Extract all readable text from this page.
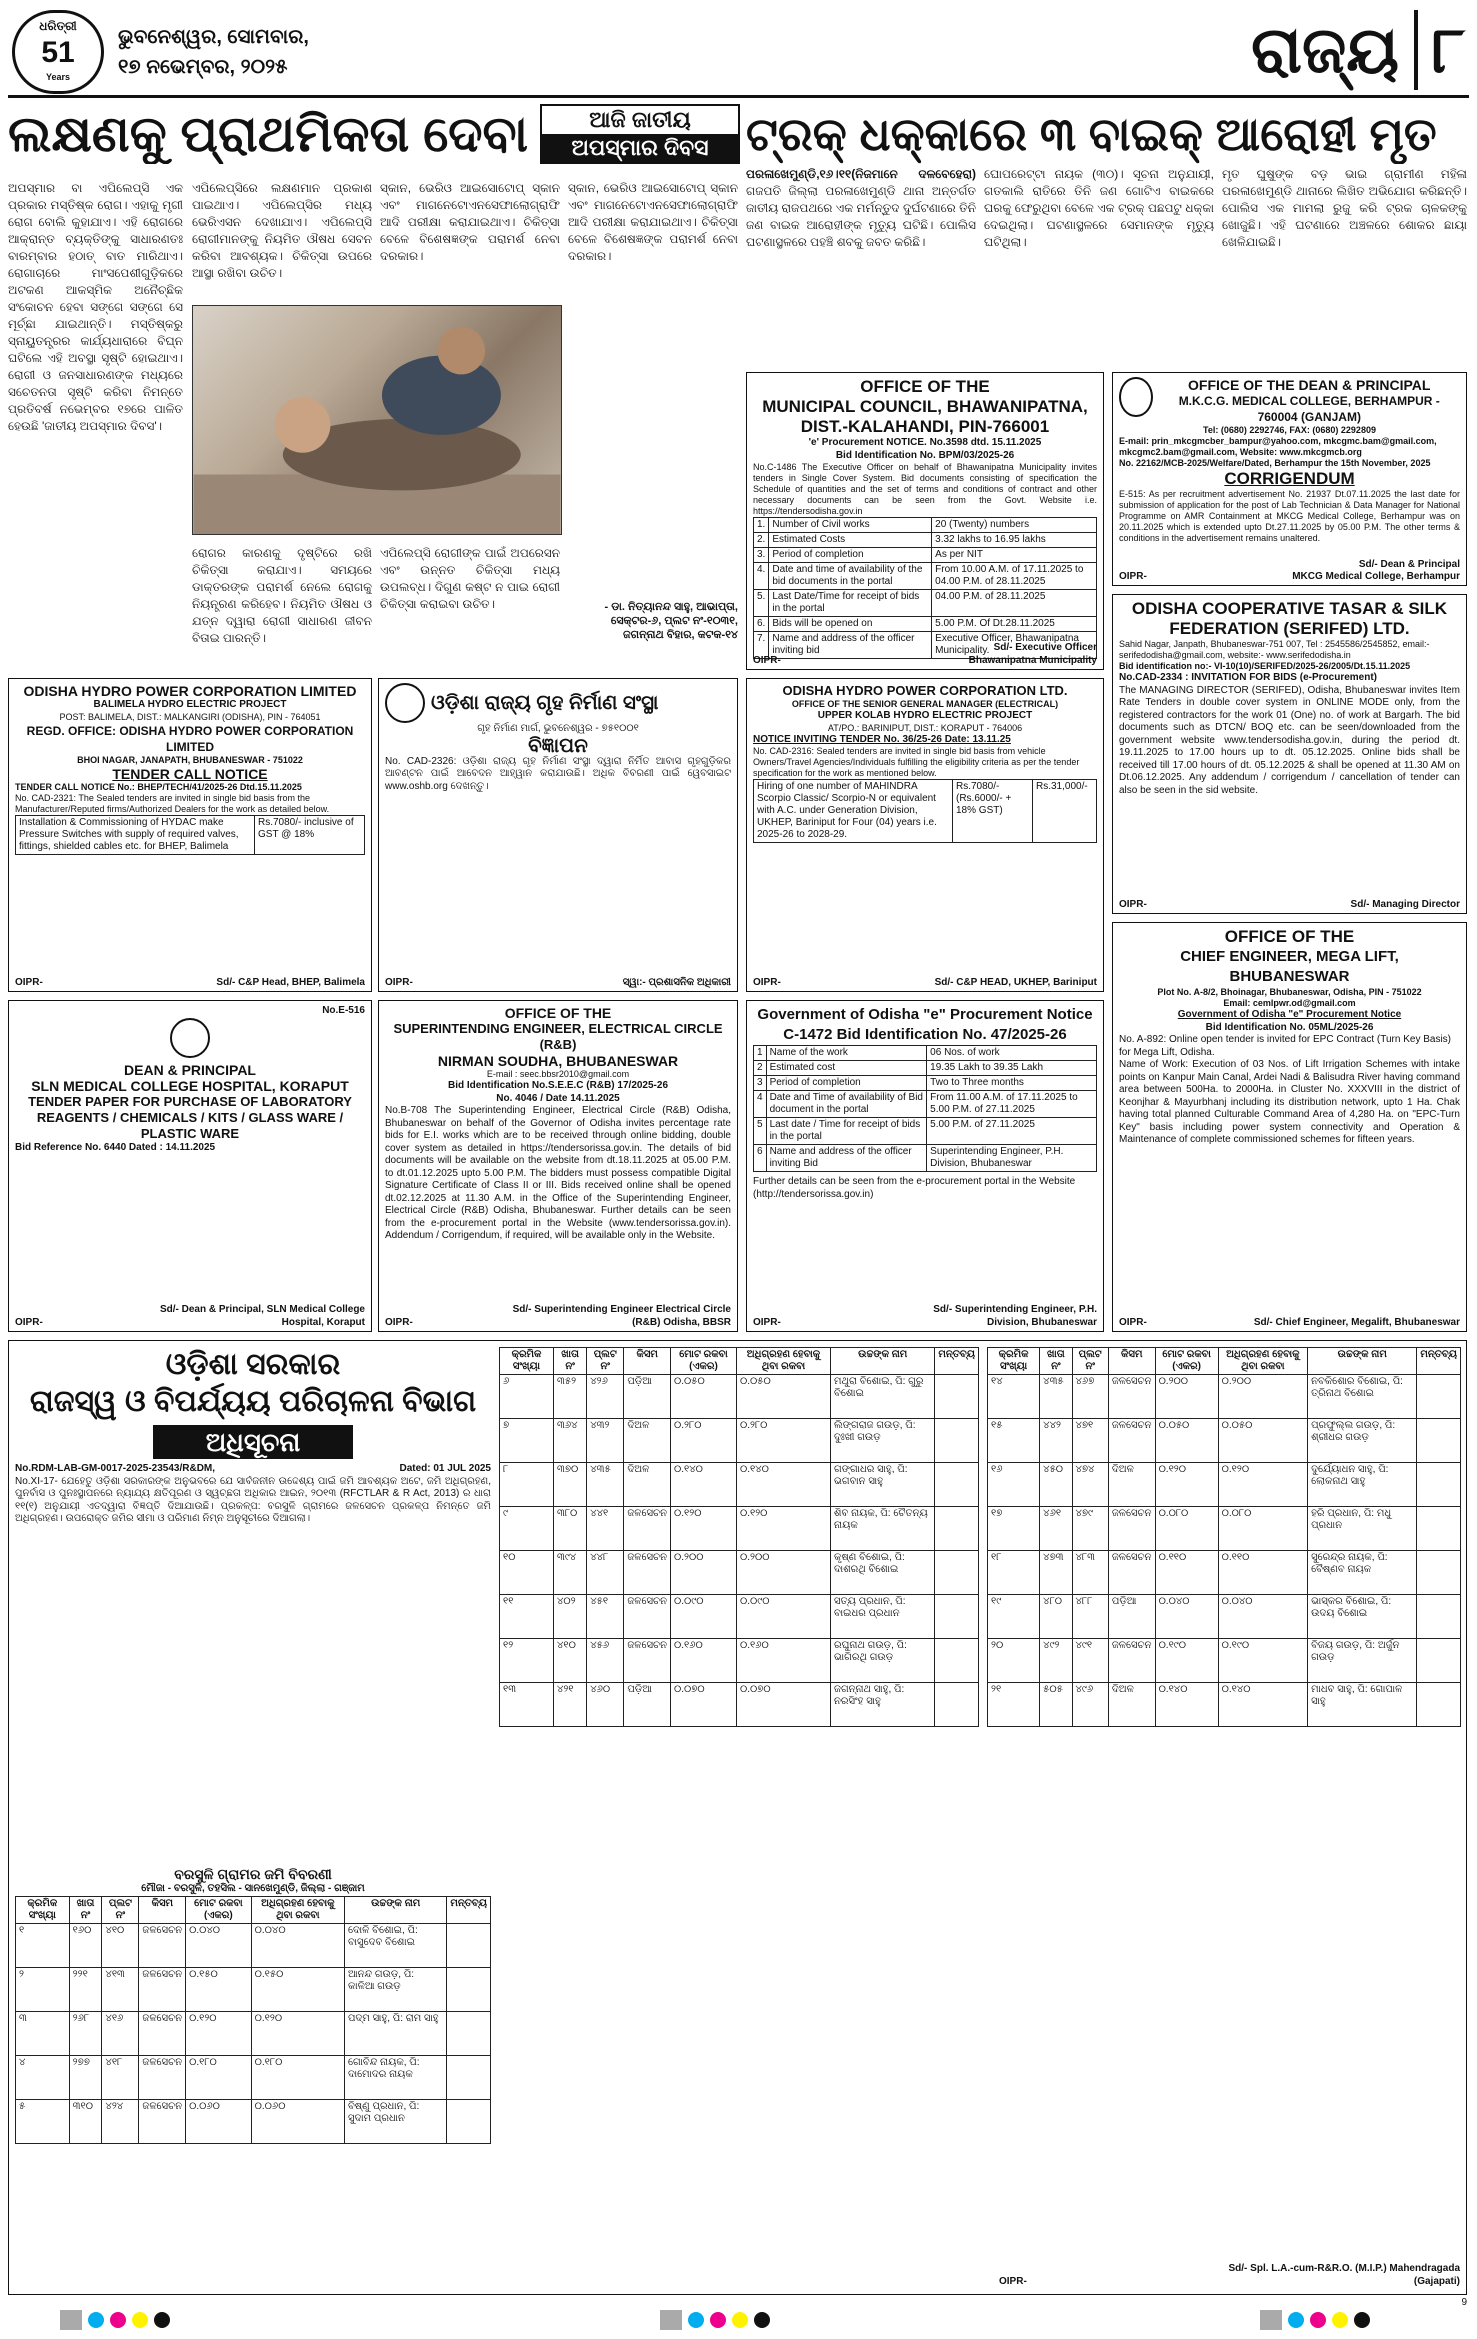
ଧରିତ୍ରୀ
51
Years
ଭୁବନେଶ୍ୱର, ସୋମବାର,
୧୭ ନଭେମ୍ବର, ୨୦୨୫	ରାଜ୍ୟ ୮
ଲକ୍ଷଣକୁ ପ୍ରାଥମିକତା ଦେବା	ଆଜି ଜାତୀୟ
ଅପସ୍ମାର ଦିବସ
ଅପସ୍ମାର ବା ଏପିଲେପ୍ସି ଏକ ପ୍ରକାର ମସ୍ତିଷ୍କ ରୋଗ। ଏହାକୁ ମୃଗୀ ରୋଗ ବୋଲି କୁହାଯାଏ। ଏହି ରୋଗରେ ଆକ୍ରାନ୍ତ ବ୍ୟକ୍ତିଙ୍କୁ ସାଧାରଣତଃ ବାରମ୍ବାର ହଠାତ୍ ବାତ ମାରିଥାଏ। ରୋଗାଚାରେ ମାଂସପେଶୀଗୁଡ଼ିକରେ ଅଟକଣ ଆକସ୍ମିକ ଅନୈଚ୍ଛିକ ସଂକୋଚନ ହେବା ସଙ୍ଗେ ସଙ୍ଗେ ସେ ମୂର୍ଚ୍ଛା ଯାଇଥାନ୍ତି। ମସ୍ତିଷ୍କରୁ ସ୍ନାୟୁତନ୍ତ୍ରର କାର୍ଯ୍ୟଧାରାରେ ବିଘ୍ନ ଘଟିଲେ ଏହି ଅବସ୍ଥା ସୃଷ୍ଟି ହୋଇଥାଏ। ରୋଗୀ ଓ ଜନସାଧାରଣଙ୍କ ମଧ୍ୟରେ ସଚେତନତା ସୃଷ୍ଟି କରିବା ନିମନ୍ତେ ପ୍ରତିବର୍ଷ ନଭେମ୍ବର ୧୭ରେ ପାଳିତ ହେଉଛି 'ଜାତୀୟ ଅପସ୍ମାର ଦିବସ'।
ଏପିଲେପ୍ସିରେ ଲକ୍ଷଣମାନ ପ୍ରକାଶ ପାଇଥାଏ। ଏପିଲେପ୍ସିର ମଧ୍ୟ ଭେରିଏସନ ଦେଖାଯାଏ। ଏପିଲେପ୍ସି ରୋଗୀମାନଙ୍କୁ ନିୟମିତ ଔଷଧ ସେବନ କରିବା ଆବଶ୍ୟକ। ଚିକିତ୍ସା ଉପରେ ଆସ୍ଥା ରଖିବା ଉଚିତ।
ସ୍କାନ, ଭେରିଓ ଆଇସୋଟୋପ୍ ସ୍କାନ ଏବଂ ମାଗନେଟୋଏନସେଫାଲୋଗ୍ରାଫି ଆଦି ପରୀକ୍ଷା କରାଯାଇଥାଏ। ଚିକିତ୍ସା ବେଳେ ବିଶେଷଜ୍ଞଙ୍କ ପରାମର୍ଶ ନେବା ଦରକାର।
ରୋଗର କାରଣକୁ ଦୃଷ୍ଟିରେ ରଖି ଚିକିତ୍ସା କରାଯାଏ। ସମୟରେ ଡାକ୍ତରଙ୍କ ପରାମର୍ଶ ନେଲେ ରୋଗକୁ ନିୟନ୍ତ୍ରଣ କରିହେବ। ନିୟମିତ ଔଷଧ ଓ ଯତ୍ନ ଦ୍ୱାରା ରୋଗୀ ସାଧାରଣ ଜୀବନ ବିତାଇ ପାରନ୍ତି।
ଏପିଲେପ୍ସି ରୋଗୀଙ୍କ ପାଇଁ ଅପରେସନ ଏବଂ ଉନ୍ନତ ଚିକିତ୍ସା ମଧ୍ୟ ଉପଲବ୍ଧ। ଦିଗୁଣ କଷ୍ଟ ନ ପାଇ ରୋଗୀ ଚିକିତ୍ସା କରାଇବା ଉଚିତ।
ସ୍କାନ, ଭେରିଓ ଆଇସୋଟୋପ୍ ସ୍କାନ ଏବଂ ମାଗନେଟୋଏନସେଫାଲୋଗ୍ରାଫି ଆଦି ପରୀକ୍ଷା କରାଯାଇଥାଏ। ଚିକିତ୍ସା ବେଳେ ବିଶେଷଜ୍ଞଙ୍କ ପରାମର୍ଶ ନେବା ଦରକାର।
- ଡା. ନିତ୍ୟାନନ୍ଦ ସାହୁ, ଆଭାପ୍ତା, ସେକ୍ଟର-୬, ପ୍ଲଟ ନଂ-୧୦୩୧, ଜଗନ୍ନାଥ ବିହାର, କଟକ-୧୪
ଟ୍ରକ୍ ଧକ୍କାରେ ୩ ବାଇକ୍ ଆରୋହୀ ମୃତ
ପରଳାଖେମୁଣ୍ଡି,୧୬।୧୧(ନିଜମାନେ ଦଳବେହେରା) ଗଜପତି ଜିଲ୍ଲା ପରଳାଖେମୁଣ୍ଡି ଥାନା ଅନ୍ତର୍ଗତ ଜାତୀୟ ରାଜପଥରେ ଏକ ମର୍ମନ୍ତୁଦ ଦୁର୍ଘଟଣାରେ ତିନି ଜଣ ବାଇକ ଆରୋହୀଙ୍କ ମୃତ୍ୟୁ ଘଟିଛି। ପୋଲିସ ଘଟଣାସ୍ଥଳରେ ପହଞ୍ଚି ଶବକୁ ଜବତ କରିଛି।
ଘୋପରେଟ୍ଟା ନାୟକ (୩୦)। ସୂଚନା ଅନୁଯାୟୀ, ଗତକାଲି ରାତିରେ ତିନି ଜଣ ଗୋଟିଏ ବାଇକରେ ଘରକୁ ଫେରୁଥିବା ବେଳେ ଏକ ଟ୍ରକ୍ ପଛପଟୁ ଧକ୍କା ଦେଇଥିଲା। ଘଟଣାସ୍ଥଳରେ ସେମାନଙ୍କ ମୃତ୍ୟୁ ଘଟିଥିଲା।
ମୃତ ଘୁଷୁଙ୍କ ବଡ଼ ଭାଇ ଗ୍ରାମୀଣ ମହିଳା ପରଳାଖେମୁଣ୍ଡି ଥାନାରେ ଲିଖିତ ଅଭିଯୋଗ କରିଛନ୍ତି। ପୋଲିସ ଏକ ମାମଲା ରୁଜୁ କରି ଟ୍ରକ ଚାଳକଙ୍କୁ ଖୋଜୁଛି। ଏହି ଘଟଣାରେ ଅଞ୍ଚଳରେ ଶୋକର ଛାୟା ଖେଳିଯାଇଛି।
OFFICE OF THE
MUNICIPAL COUNCIL, BHAWANIPATNA,
DIST.-KALAHANDI, PIN-766001
'e' Procurement NOTICE. No.3598 dtd. 15.11.2025
Bid Identification No. BPM/03/2025-26
No.C-1486 The Executive Officer on behalf of Bhawanipatna Municipality invites tenders in Single Cover System. Bid documents consisting of specification the Schedule of quantities and the set of terms and conditions of contract and other necessary documents can be seen from the Govt. Website i.e. https://tendersodisha.gov.in
1.	Number of Civil works	20 (Twenty) numbers
2.	Estimated Costs	3.32 lakhs to 16.95 lakhs
3.	Period of completion	As per NIT
4.	Date and time of availability of the bid documents in the portal	From 10.00 A.M. of 17.11.2025 to 04.00 P.M. of 28.11.2025
5.	Last Date/Time for receipt of bids in the portal	04.00 P.M. of 28.11.2025
6.	Bids will be opened on	5.00 P.M. Of Dt.28.11.2025
7.	Name and address of the officer inviting bid	Executive Officer, Bhawanipatna Municipality.
OIPR-
Sd/- Executive Officer Bhawanipatna Municipality
OFFICE OF THE DEAN & PRINCIPAL
M.K.C.G. MEDICAL COLLEGE, BERHAMPUR - 760004 (GANJAM)
Tel: (0680) 2292746, FAX: (0680) 2292809
E-mail: prin_mkcgmcber_bampur@yahoo.com, mkcgmc.bam@gmail.com, mkcgmc2.bam@gmail.com, Website: www.mkcgmcb.org
No. 22162/MCB-2025/Welfare/Dated, Berhampur the 15th November, 2025
CORRIGENDUM
E-515: As per recruitment advertisement No. 21937 Dt.07.11.2025 the last date for submission of application for the post of Lab Technician & Data Manager for National Programme on AMR Containment at MKCG Medical College, Berhampur was on 20.11.2025 which is extended upto Dt.27.11.2025 by 05.00 P.M. The other terms & conditions in the advertisement remains unaltered.
Sd/- Dean & Principal
MKCG Medical College, Berhampur
OIPR-
ODISHA HYDRO POWER CORPORATION LIMITED
BALIMELA HYDRO ELECTRIC PROJECT
POST: BALIMELA, DIST.: MALKANGIRI (ODISHA), PIN - 764051
REGD. OFFICE: ODISHA HYDRO POWER CORPORATION LIMITED
BHOI NAGAR, JANAPATH, BHUBANESWAR - 751022
TENDER CALL NOTICE
TENDER CALL NOTICE No.: BHEP/TECH/41/2025-26 Dtd.15.11.2025
No. CAD-2321: The Sealed tenders are invited in single bid basis from the Manufacturer/Reputed firms/Authorized Dealers for the work as detailed below.
Installation & Commissioning of HYDAC make Pressure Switches with supply of required valves, fittings, shielded cables etc. for BHEP, Balimela	Rs.7080/- inclusive of GST @ 18%
OIPR-	Sd/- C&P Head, BHEP, Balimela
ଓଡ଼ିଶା ରାଜ୍ୟ ଗୃହ ନିର୍ମାଣ ସଂସ୍ଥା
ଗୃହ ନିର୍ମାଣ ମାର୍ଗ, ଭୁବନେଶ୍ୱର - ୭୫୧୦୦୧
ବିଜ୍ଞାପନ
No. CAD-2326: ଓଡ଼ିଶା ରାଜ୍ୟ ଗୃହ ନିର୍ମାଣ ସଂସ୍ଥା ଦ୍ୱାରା ନିର୍ମିତ ଆବାସ ଗୃହଗୁଡ଼ିକର ଆବଣ୍ଟନ ପାଇଁ ଆବେଦନ ଆହ୍ୱାନ କରାଯାଉଛି। ଅଧିକ ବିବରଣୀ ପାଇଁ ୱେବସାଇଟ www.oshb.org ଦେଖନ୍ତୁ।
OIPR-	ସ୍ୱା:- ପ୍ରଶାସନିକ ଅଧିକାରୀ
ODISHA HYDRO POWER CORPORATION LTD.
OFFICE OF THE SENIOR GENERAL MANAGER (ELECTRICAL)
UPPER KOLAB HYDRO ELECTRIC PROJECT
AT/PO.: BARINIPUT, DIST.: KORAPUT - 764006
NOTICE INVITING TENDER No. 36/25-26 Date: 13.11.25
No. CAD-2316: Sealed tenders are invited in single bid basis from vehicle Owners/Travel Agencies/Individuals fulfilling the eligibility criteria as per the tender specification for the work as mentioned below.
Hiring of one number of MAHINDRA Scorpio Classic/ Scorpio-N or equivalent with A.C. under Generation Division, UKHEP, Bariniput for Four (04) years i.e. 2025-26 to 2028-29.	Rs.7080/- (Rs.6000/- + 18% GST)	Rs.31,000/-
OIPR-	Sd/- C&P HEAD, UKHEP, Bariniput
ODISHA COOPERATIVE TASAR & SILK
FEDERATION (SERIFED) LTD.
Sahid Nagar, Janpath, Bhubaneswar-751 007, Tel : 2545586/2545852, email:- serifedodisha@gmail.com, website:- www.serifedodisha.in
Bid identification no:- VI-10(10)/SERIFED/2025-26/2005/Dt.15.11.2025
No.CAD-2334 : INVITATION FOR BIDS (e-Procurement)
The MANAGING DIRECTOR (SERIFED), Odisha, Bhubaneswar invites Item Rate Tenders in double cover system in ONLINE MODE only, from the registered contractors for the work 01 (One) no. of work at Bargarh. The bid documents such as DTCN/ BOQ etc. can be seen/downloaded from the government website www.tendersodisha.gov.in, during the period dt. 19.11.2025 to 17.00 hours up to dt. 05.12.2025. Online bids shall be received till 17.00 hours of dt. 05.12.2025 & shall be opened at 11.30 AM on Dt.06.12.2025. Any addendum / corrigendum / cancellation of tender can also be seen in the sid website.
OIPR-	Sd/- Managing Director
OFFICE OF THE
CHIEF ENGINEER, MEGA LIFT, BHUBANESWAR
Plot No. A-8/2, Bhoinagar, Bhubaneswar, Odisha, PIN - 751022
Email: cemlpwr.od@gmail.com
Government of Odisha "e" Procurement Notice
Bid Identification No. 05ML/2025-26
No. A-892: Online open tender is invited for EPC Contract (Turn Key Basis) for Mega Lift, Odisha.
Name of Work: Execution of 03 Nos. of Lift Irrigation Schemes with intake points on Kanpur Main Canal, Ardei Nadi & Balisudra River having command area between 500Ha. to 2000Ha. in Cluster No. XXXVIII in the district of Keonjhar & Mayurbhanj including its distribution network, upto 1 Ha. Chak having total planned Culturable Command Area of 4,280 Ha. on "EPC-Turn Key" basis including power system connectivity and Operation & Maintenance of complete commissioned schemes for fifteen years.
OIPR-	Sd/- Chief Engineer, Megalift, Bhubaneswar
No.E-516
DEAN & PRINCIPAL
SLN MEDICAL COLLEGE HOSPITAL, KORAPUT
TENDER PAPER FOR PURCHASE OF LABORATORY REAGENTS / CHEMICALS / KITS / GLASS WARE / PLASTIC WARE
Bid Reference No. 6440 Dated : 14.11.2025
OIPR-
Sd/- Dean & Principal, SLN Medical College Hospital, Koraput
OFFICE OF THE
SUPERINTENDING ENGINEER, ELECTRICAL CIRCLE (R&B)
NIRMAN SOUDHA, BHUBANESWAR
E-mail : seec.bbsr2010@gmail.com
Bid Identification No.S.E.E.C (R&B) 17/2025-26
No. 4046 / Date 14.11.2025
No.B-708 The Superintending Engineer, Electrical Circle (R&B) Odisha, Bhubaneswar on behalf of the Governor of Odisha invites percentage rate bids for E.I. works which are to be received through online bidding, double cover system as detailed in https://tendersorissa.gov.in. The details of bid documents will be available on the website from dt.18.11.2025 at 05.00 P.M. to dt.01.12.2025 upto 5.00 P.M. The bidders must possess compatible Digital Signature Certificate of Class II or III. Bids received online shall be opened dt.02.12.2025 at 11.30 A.M. in the Office of the Superintending Engineer, Electrical Circle (R&B) Odisha, Bhubaneswar. Further details can be seen from the e-procurement portal in the Website (www.tendersorissa.gov.in). Addendum / Corrigendum, if required, will be available only in the Website.
OIPR-
Sd/- Superintending Engineer Electrical Circle (R&B) Odisha, BBSR
Government of Odisha "e" Procurement Notice
C-1472 Bid Identification No. 47/2025-26
1	Name of the work	06 Nos. of work
2	Estimated cost	19.35 Lakh to 39.35 Lakh
3	Period of completion	Two to Three months
4	Date and Time of availability of Bid document in the portal	From 11.00 A.M. of 17.11.2025 to 5.00 P.M. of 27.11.2025
5	Last date / Time for receipt of bids in the portal	5.00 P.M. of 27.11.2025
6	Name and address of the officer inviting Bid	Superintending Engineer, P.H. Division, Bhubaneswar
Further details can be seen from the e-procurement portal in the Website (http://tendersorissa.gov.in)
OIPR-
Sd/- Superintending Engineer, P.H. Division, Bhubaneswar
ଓଡ଼ିଶା ସରକାର
ରାଜସ୍ୱ ଓ ବିପର୍ଯ୍ୟୟ ପରିଚାଳନା ବିଭାଗ
ଅଧିସୂଚନା
No.RDM-LAB-GM-0017-2025-23543/R&DM,	Dated: 01 JUL 2025
No.XI-17- ଯେହେତୁ ଓଡ଼ିଶା ସରକାରଙ୍କ ଅନୁଭବରେ ଯେ ସାର୍ବଜନୀନ ଉଦ୍ଦେଶ୍ୟ ପାଇଁ ଜମି ଆବଶ୍ୟକ ଅଟେ, ଜମି ଅଧିଗ୍ରହଣ, ପୁନର୍ବାସ ଓ ପୁନଃସ୍ଥାପନରେ ନ୍ୟାଯ୍ୟ କ୍ଷତିପୂରଣ ଓ ସ୍ୱଚ୍ଛତା ଅଧିକାର ଆଇନ, ୨୦୧୩ (RFCTLAR & R Act, 2013) ର ଧାରା ୧୧(୧) ଅନୁଯାୟୀ ଏତଦ୍ୱାରା ବିଜ୍ଞପ୍ତି ଦିଆଯାଉଛି। ପ୍ରକଳ୍ପ: ବରସୁଳି ଗ୍ରାମରେ ଜଳସେଚନ ପ୍ରକଳ୍ପ ନିମନ୍ତେ ଜମି ଅଧିଗ୍ରହଣ। ଉପରୋକ୍ତ ଜମିର ସୀମା ଓ ପରିମାଣ ନିମ୍ନ ଅନୁସୂଚୀରେ ଦିଆଗଲା।
ବରସୁଳି ଗ୍ରାମର ଜମି ବିବରଣୀ
ମୌଜା - ବରସୁଳି, ତହସିଲ - ସାନଖେମୁଣ୍ଡି, ଜିଲ୍ଲା - ଗଞ୍ଜାମ
କ୍ରମିକ ସଂଖ୍ୟା	ଖାତା ନଂ	ପ୍ଲଟ ନଂ	କିସମ	ମୋଟ ରକବା (ଏକର)	ଅଧିଗ୍ରହଣ ହେବାକୁ ଥିବା ରକବା	ଉଚ୍ଚଙ୍କ ନାମ	ମନ୍ତବ୍ୟ
୧	୧୬୦	୪୧୦	ଜଳସେଚନ	୦.୦୪୦	୦.୦୪୦	ଦୋଳି ବିଶୋଇ, ପି: ବାସୁଦେବ ବିଶୋଇ	
୨	୨୨୧	୪୧୩	ଜଳସେଚନ	୦.୧୫୦	୦.୧୫୦	ଆନନ୍ଦ ଗଉଡ଼, ପି: କାଳିଆ ଗଉଡ଼	
୩	୨୬୮	୪୧୬	ଜଳସେଚନ	୦.୧୨୦	୦.୧୨୦	ପଦ୍ମ ସାହୁ, ପି: ରାମ ସାହୁ	
୪	୨୭୭	୪୧୮	ଜଳସେଚନ	୦.୧୮୦	୦.୧୮୦	ଗୋବିନ୍ଦ ନାୟକ, ପି: ଦାମୋଦର ନାୟକ	
୫	୩୧୦	୪୨୪	ଜଳସେଚନ	୦.୦୬୦	୦.୦୬୦	ବିଷ୍ଣୁ ପ୍ରଧାନ, ପି: ସୁଦାମ ପ୍ରଧାନ	
କ୍ରମିକ ସଂଖ୍ୟା	ଖାତା ନଂ	ପ୍ଲଟ ନଂ	କିସମ	ମୋଟ ରକବା (ଏକର)	ଅଧିଗ୍ରହଣ ହେବାକୁ ଥିବା ରକବା	ଉଚ୍ଚଙ୍କ ନାମ	ମନ୍ତବ୍ୟ
୬	୩୫୨	୪୨୬	ପଡ଼ିଆ	୦.୦୫୦	୦.୦୫୦	ମଥୁରା ବିଶୋଇ, ପି: ଗୁରୁ ବିଶୋଇ	
୭	୩୬୪	୪୩୨	ଦିଅଳ	୦.୨୮୦	୦.୨୮୦	ଲିଙ୍ଗରାଜ ଗଉଡ଼, ପି: ଦୁଃଖୀ ଗଉଡ଼	
୮	୩୭୦	୪୩୫	ଦିଅଳ	୦.୧୪୦	୦.୧୪୦	ଗଙ୍ଗାଧର ସାହୁ, ପି: ଭଗବାନ ସାହୁ	
୯	୩୮୦	୪୪୧	ଜଳସେଚନ	୦.୧୨୦	୦.୧୨୦	ଶିବ ନାୟକ, ପି: ଚୈତନ୍ୟ ନାୟକ	
୧୦	୩୯୪	୪୪୮	ଜଳସେଚନ	୦.୨୦୦	୦.୨୦୦	କୃଷ୍ଣ ବିଶୋଇ, ପି: ଦାଶରଥି ବିଶୋଇ	
୧୧	୪୦୨	୪୫୧	ଜଳସେଚନ	୦.୦୯୦	୦.୦୯୦	ସତ୍ୟ ପ୍ରଧାନ, ପି: ବାଇଧର ପ୍ରଧାନ	
୧୨	୪୧୦	୪୫୬	ଜଳସେଚନ	୦.୧୬୦	୦.୧୬୦	ରଘୁନାଥ ଗଉଡ଼, ପି: ଭାଗିରଥି ଗଉଡ଼	
୧୩	୪୨୧	୪୬୦	ପଡ଼ିଆ	୦.୦୭୦	୦.୦୭୦	ଜଗନ୍ନାଥ ସାହୁ, ପି: ନରସିଂହ ସାହୁ	
କ୍ରମିକ ସଂଖ୍ୟା	ଖାତା ନଂ	ପ୍ଲଟ ନଂ	କିସମ	ମୋଟ ରକବା (ଏକର)	ଅଧିଗ୍ରହଣ ହେବାକୁ ଥିବା ରକବା	ଉଚ୍ଚଙ୍କ ନାମ	ମନ୍ତବ୍ୟ
୧୪	୪୩୫	୪୬୭	ଜଳସେଚନ	୦.୨୦୦	୦.୨୦୦	ନବକିଶୋର ବିଶୋଇ, ପି: ତ୍ରିନାଥ ବିଶୋଇ	
୧୫	୪୪୨	୪୭୧	ଜଳସେଚନ	୦.୦୫୦	୦.୦୫୦	ପ୍ରଫୁଲ୍ଲ ଗଉଡ଼, ପି: ଶ୍ରୀଧର ଗଉଡ଼	
୧୬	୪୫୦	୪୭୪	ଦିଅଳ	୦.୧୨୦	୦.୧୨୦	ଦୁର୍ଯ୍ୟୋଧନ ସାହୁ, ପି: ଲୋକନାଥ ସାହୁ	
୧୭	୪୬୧	୪୭୯	ଜଳସେଚନ	୦.୦୮୦	୦.୦୮୦	ହରି ପ୍ରଧାନ, ପି: ମଧୁ ପ୍ରଧାନ	
୧୮	୪୭୩	୪୮୩	ଜଳସେଚନ	୦.୧୧୦	୦.୧୧୦	ସୁରେନ୍ଦ୍ର ନାୟକ, ପି: ବୈଷ୍ଣବ ନାୟକ	
୧୯	୪୮୦	୪୮୮	ପଡ଼ିଆ	୦.୦୪୦	୦.୦୪୦	ଭାସ୍କର ବିଶୋଇ, ପି: ଉଦୟ ବିଶୋଇ	
୨୦	୪୯୨	୪୯୧	ଜଳସେଚନ	୦.୧୯୦	୦.୧୯୦	ବିଜୟ ଗଉଡ଼, ପି: ଅର୍ଜୁନ ଗଉଡ଼	
୨୧	୫୦୫	୪୯୬	ଦିଅଳ	୦.୧୪୦	୦.୧୪୦	ମାଧବ ସାହୁ, ପି: ଗୋପାଳ ସାହୁ	
OIPR-
Sd/- Spl. L.A.-cum-R&R.O. (M.I.P.) Mahendragada (Gajapati)
9
